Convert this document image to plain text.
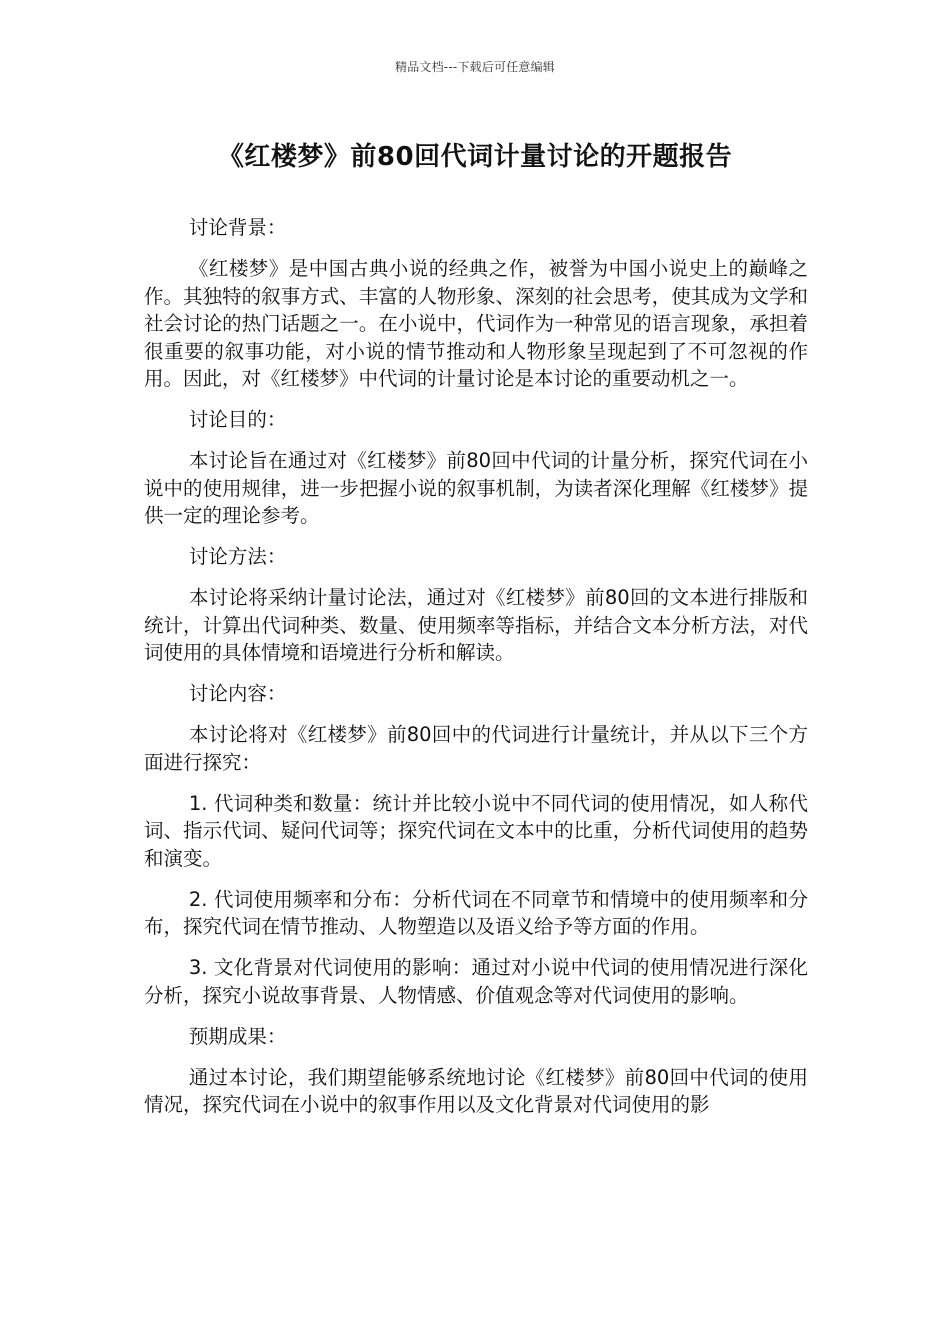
精品文档---下载后可任意编辑
《红楼梦》前80回代词计量讨论的开题报告

讨论背景：

《红楼梦》是中国古典小说的经典之作，被誉为中国小说史上的巅峰之作。其独特的叙事方式、丰富的人物形象、深刻的社会思考，使其成为文学和社会讨论的热门话题之一。在小说中，代词作为一种常见的语言现象，承担着很重要的叙事功能，对小说的情节推动和人物形象呈现起到了不可忽视的作用。因此，对《红楼梦》中代词的计量讨论是本讨论的重要动机之一。

讨论目的：

本讨论旨在通过对《红楼梦》前80回中代词的计量分析，探究代词在小说中的使用规律，进一步把握小说的叙事机制，为读者深化理解《红楼梦》提供一定的理论参考。

讨论方法：

本讨论将采纳计量讨论法，通过对《红楼梦》前80回的文本进行排版和统计，计算出代词种类、数量、使用频率等指标，并结合文本分析方法，对代词使用的具体情境和语境进行分析和解读。

讨论内容：

本讨论将对《红楼梦》前80回中的代词进行计量统计，并从以下三个方面进行探究：

1. 代词种类和数量：统计并比较小说中不同代词的使用情况，如人称代词、指示代词、疑问代词等；探究代词在文本中的比重，分析代词使用的趋势和演变。

2. 代词使用频率和分布：分析代词在不同章节和情境中的使用频率和分布，探究代词在情节推动、人物塑造以及语义给予等方面的作用。

3. 文化背景对代词使用的影响：通过对小说中代词的使用情况进行深化分析，探究小说故事背景、人物情感、价值观念等对代词使用的影响。

预期成果：

通过本讨论，我们期望能够系统地讨论《红楼梦》前80回中代词的使用情况，探究代词在小说中的叙事作用以及文化背景对代词使用的影
